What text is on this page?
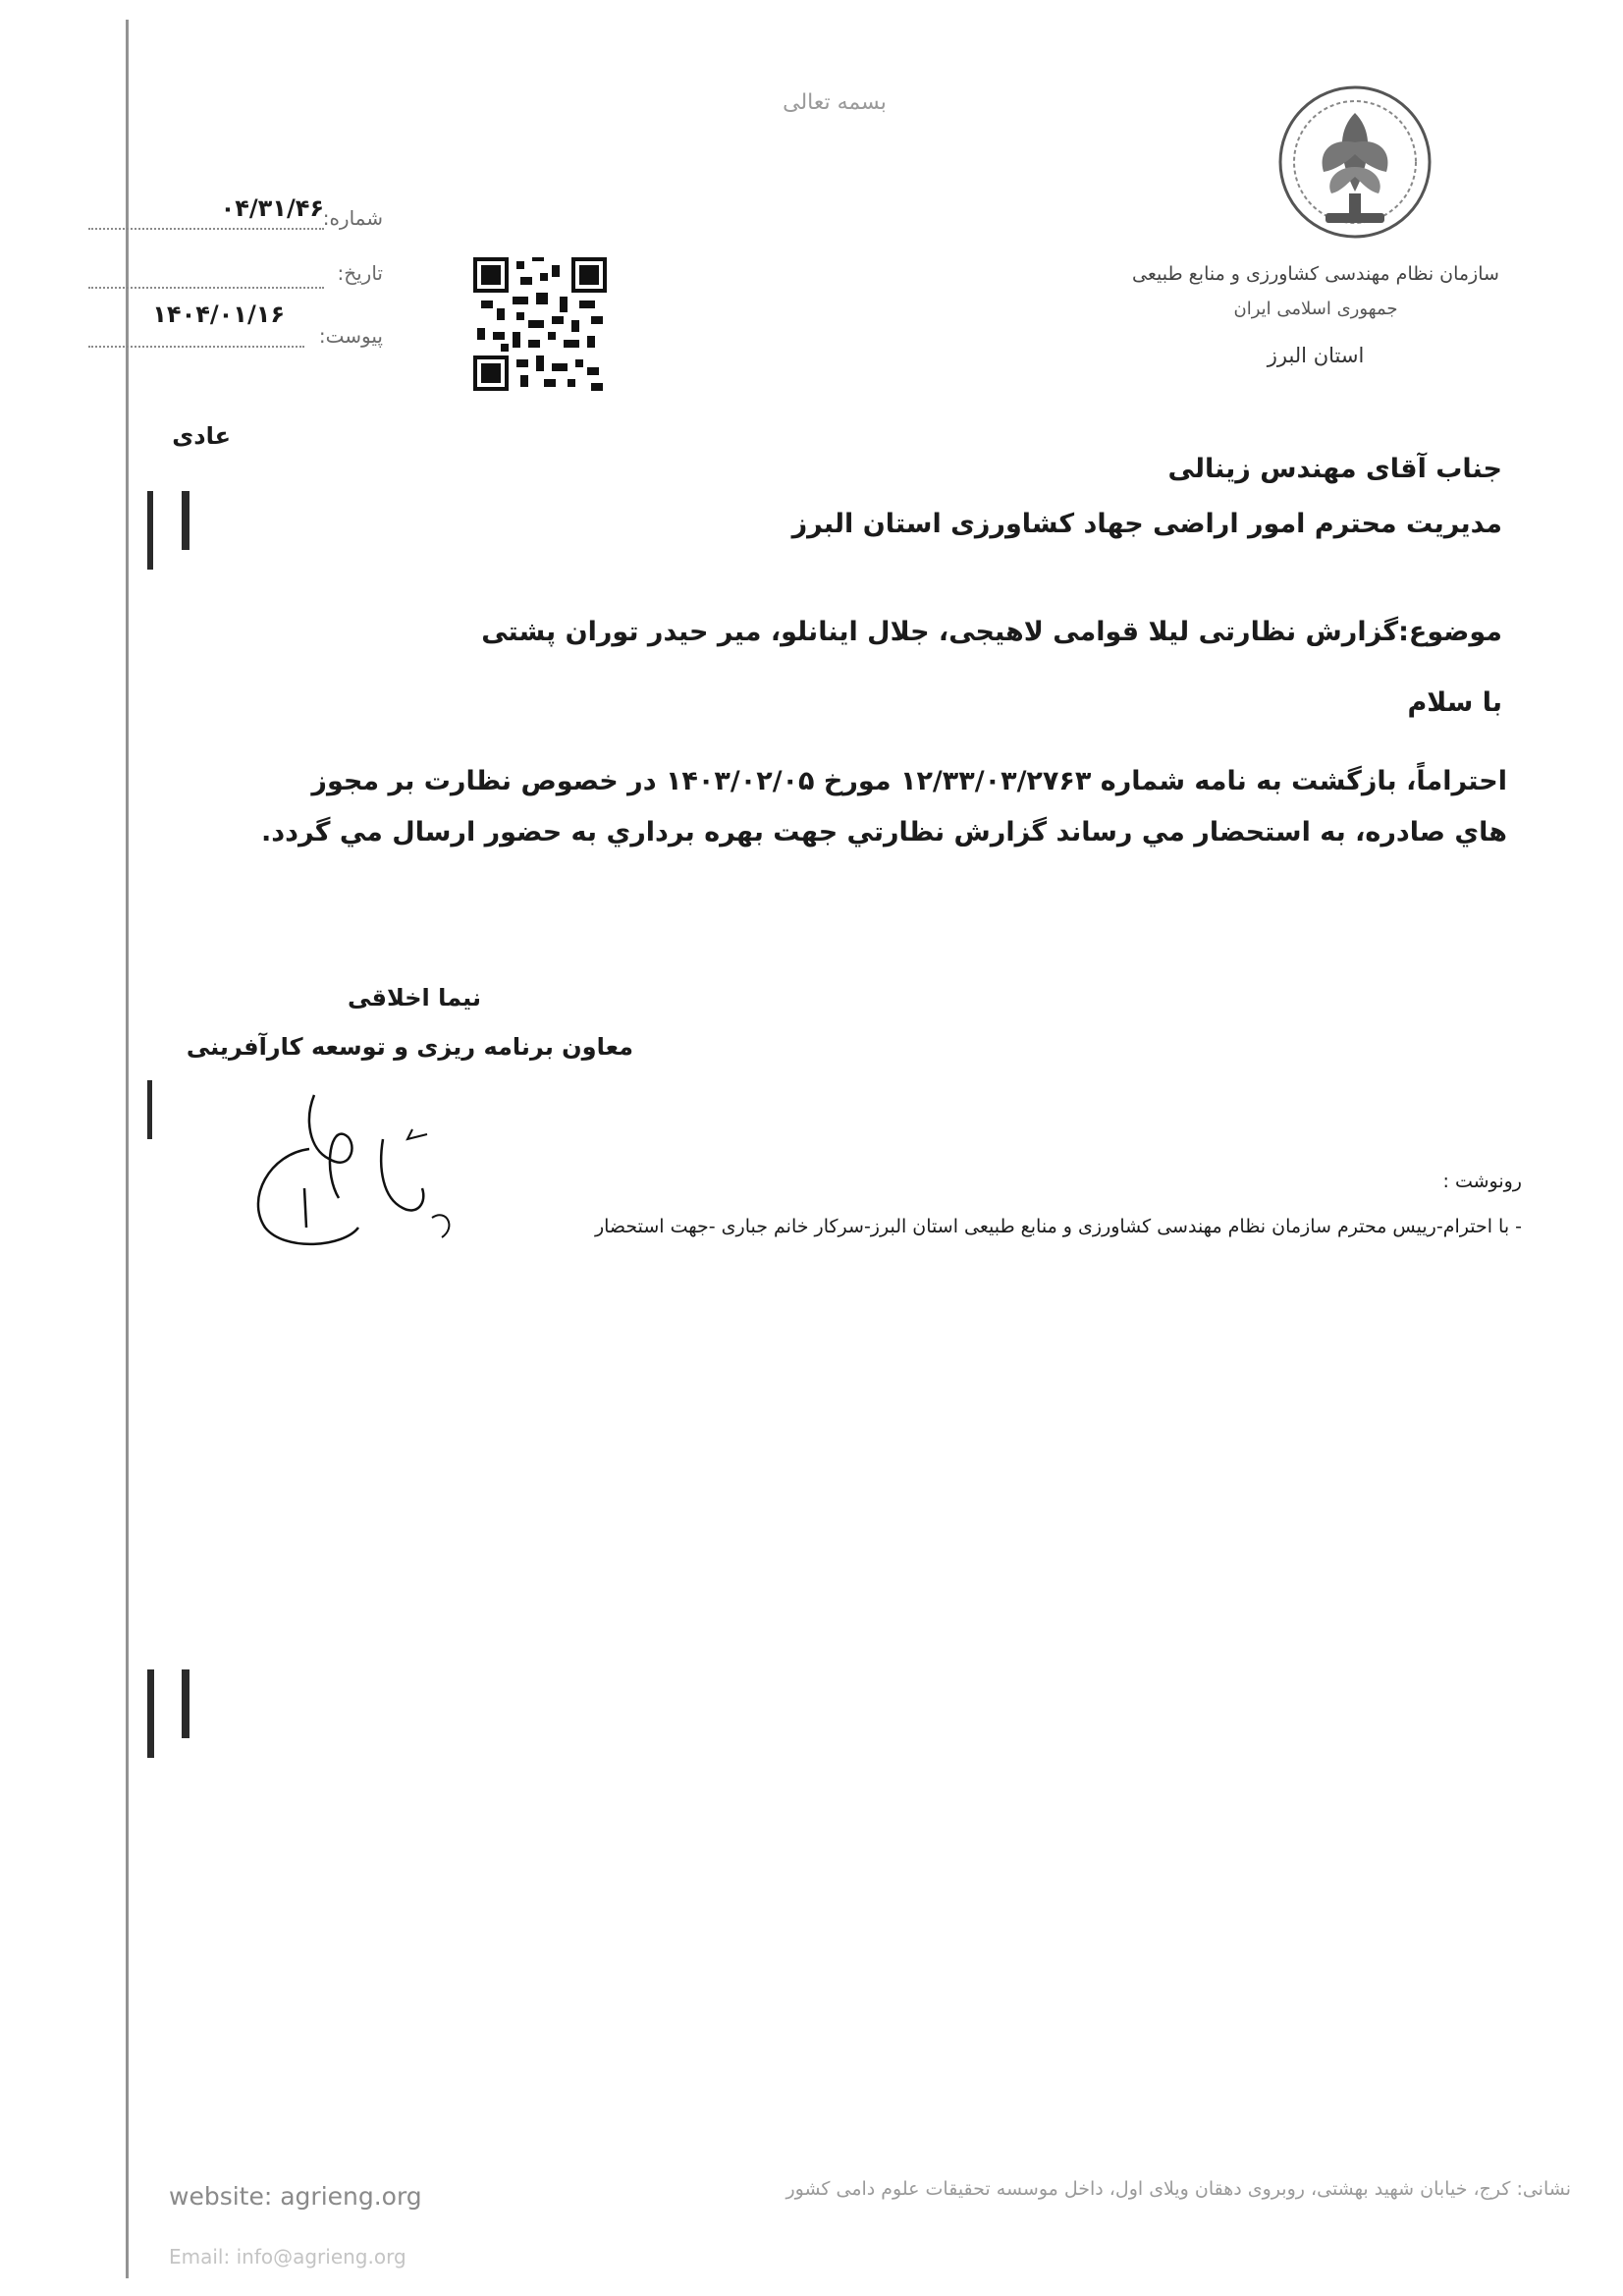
بسمه تعالی
سازمان نظام مهندسی کشاورزی و منابع طبیعی
جمهوری اسلامی ایران
استان البرز
شماره:
۰۴/۳۱/۴۶
تاریخ:
۱۴۰۴/۰۱/۱۶
پیوست:
عادی
جناب آقای مهندس زینالی
مدیریت محترم امور اراضی جهاد کشاورزی استان البرز
موضوع:گزارش نظارتی لیلا قوامی لاهیجی، جلال اینانلو، میر حیدر توران پشتی
با سلام
احتراماً، بازگشت به نامه شماره ۱۲/۳۳/۰۳/۲۷۶۳ مورخ ۱۴۰۳/۰۲/۰۵ در خصوص نظارت بر مجوز
هاي صادره، به استحضار مي رساند گزارش نظارتي جهت بهره برداري به حضور ارسال مي گردد.
نیما اخلاقی
معاون برنامه ریزی و توسعه کارآفرینی
رونوشت :
- با احترام-رییس محترم سازمان نظام مهندسی کشاورزی و منابع طبیعی استان البرز-سرکار خانم جباری -جهت استحضار
نشانی: کرج، خیابان شهید بهشتی، روبروی دهقان ویلای اول، داخل موسسه تحقیقات علوم دامی کشور
website: agrieng.org
Email: info@agrieng.org
